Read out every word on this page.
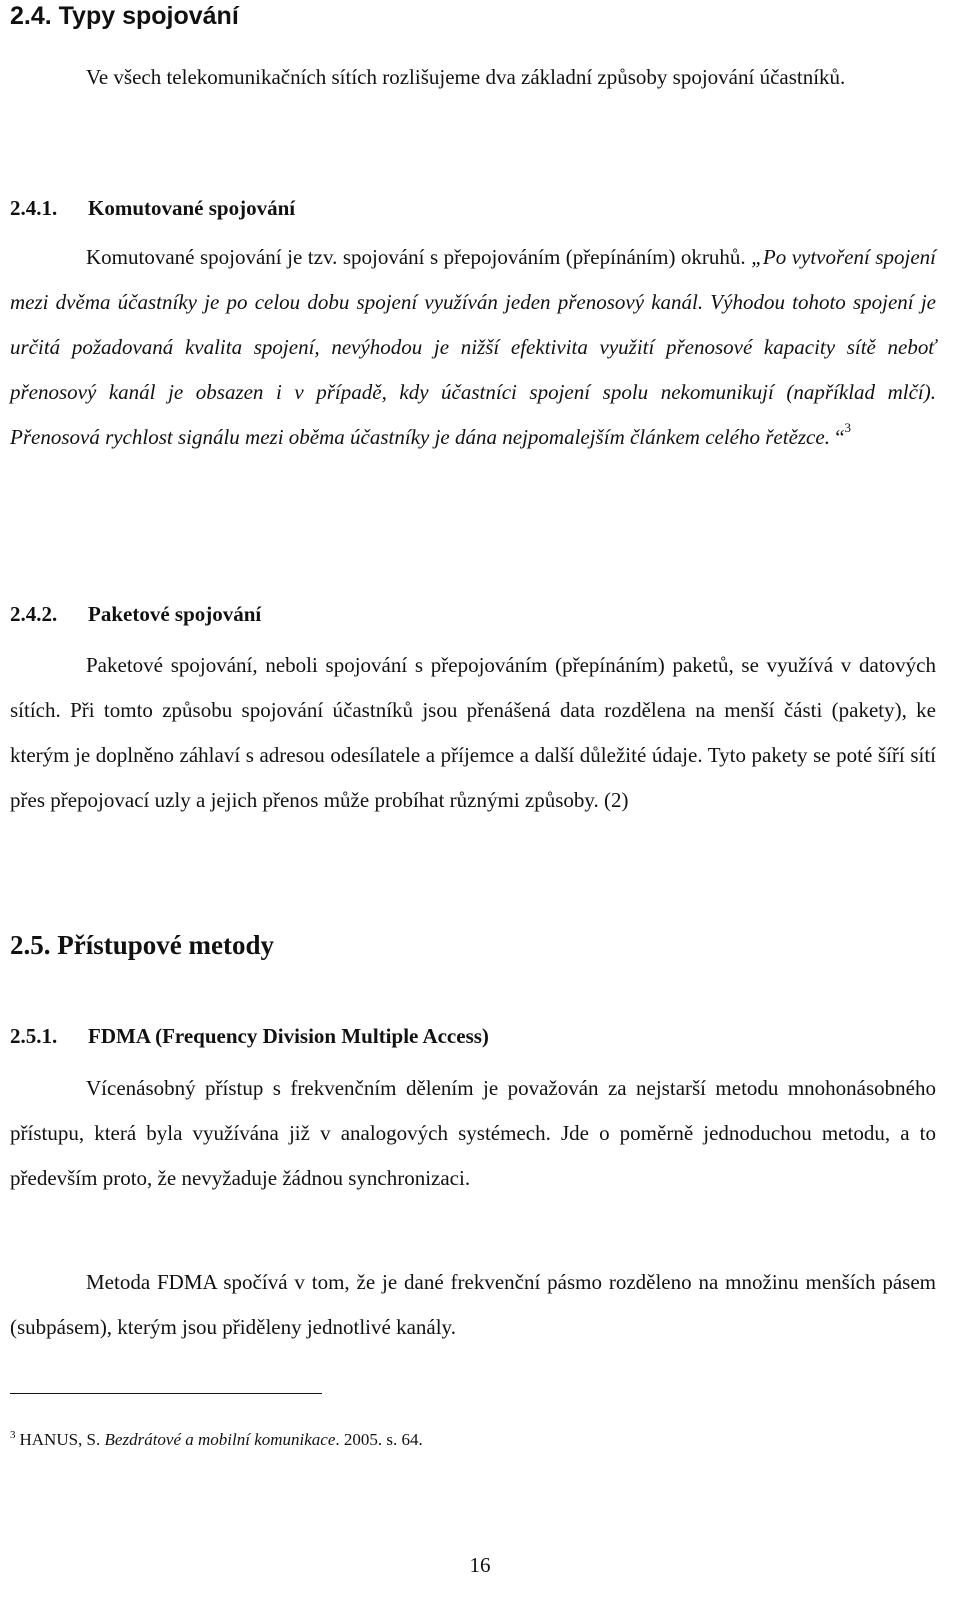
2.4. Typy spojování

Ve všech telekomunikačních sítích rozlišujeme dva základní způsoby spojování účastníků.

2.4.1. Komutované spojování

Komutované spojování je tzv. spojování s přepojováním (přepínáním) okruhů. „Po vytvoření spojení mezi dvěma účastníky je po celou dobu spojení využíván jeden přenosový kanál. Výhodou tohoto spojení je určitá požadovaná kvalita spojení, nevýhodou je nižší efektivita využití přenosové kapacity sítě neboť přenosový kanál je obsazen i v případě, kdy účastníci spojení spolu nekomunikují (například mlčí). Přenosová rychlost signálu mezi oběma účastníky je dána nejpomalejším článkem celého řetězce. “$^3$

2.4.2. Paketové spojování

Paketové spojování, neboli spojování s přepojováním (přepínáním) paketů, se využívá v datových sítích. Při tomto způsobu spojování účastníků jsou přenášená data rozdělena na menší části (pakety), ke kterým je doplněno záhlaví s adresou odesílatele a příjemce a další důležité údaje. Tyto pakety se poté šíří sítí přes přepojovací uzly a jejich přenos může probíhat různými způsoby. (2)

2.5. Přístupové metody
2.5.1. FDMA (Frequency Division Multiple Access)

Vícenásobný přístup s frekvenčním dělením je považován za nejstarší metodu mnohonásobného přístupu, která byla využívána již v analogových systémech. Jde o poměrně jednoduchou metodu, a to především proto, že nevyžaduje žádnou synchronizaci.

Metoda FDMA spočívá v tom, že je dané frekvenční pásmo rozděleno na množinu menších pásem (subpásem), kterým jsou přiděleny jednotlivé kanály.

$^3$ HANUS, S. Bezdrátové a mobilní komunikace. 2005. s. 64.

16
